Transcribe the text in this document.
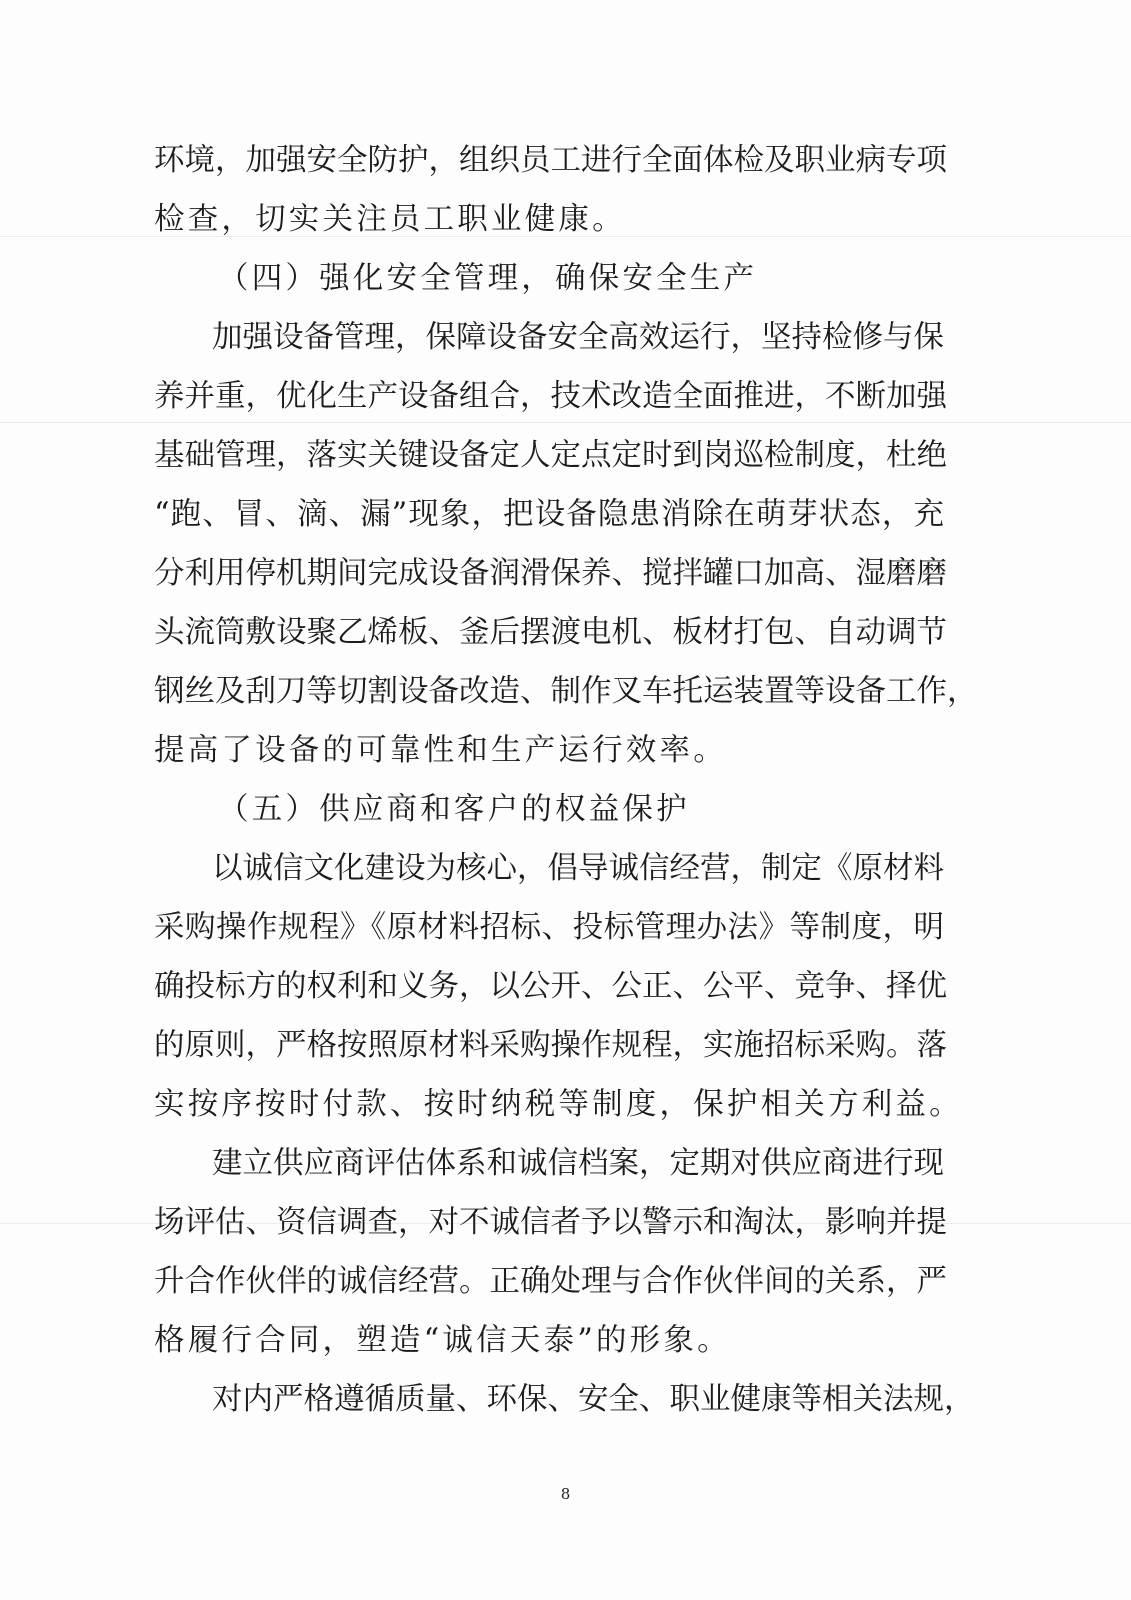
环境，加强安全防护，组织员工进行全面体检及职业病专项
检查，切实关注员工职业健康。
（四）强化安全管理，确保安全生产
加强设备管理，保障设备安全高效运行，坚持检修与保
养并重，优化生产设备组合，技术改造全面推进，不断加强
基础管理，落实关键设备定人定点定时到岗巡检制度，杜绝
“跑、冒、滴、漏”现象，把设备隐患消除在萌芽状态，充
分利用停机期间完成设备润滑保养、搅拌罐口加高、湿磨磨
头流筒敷设聚乙烯板、釜后摆渡电机、板材打包、自动调节
钢丝及刮刀等切割设备改造、制作叉车托运装置等设备工作，
提高了设备的可靠性和生产运行效率。
（五）供应商和客户的权益保护
以诚信文化建设为核心，倡导诚信经营，制定《原材料
采购操作规程》《原材料招标、投标管理办法》等制度，明
确投标方的权利和义务，以公开、公正、公平、竞争、择优
的原则，严格按照原材料采购操作规程，实施招标采购。落
实按序按时付款、按时纳税等制度，保护相关方利益。
建立供应商评估体系和诚信档案，定期对供应商进行现
场评估、资信调查，对不诚信者予以警示和淘汰，影响并提
升合作伙伴的诚信经营。正确处理与合作伙伴间的关系，严
格履行合同，塑造“诚信天泰”的形象。
对内严格遵循质量、环保、安全、职业健康等相关法规，
8
